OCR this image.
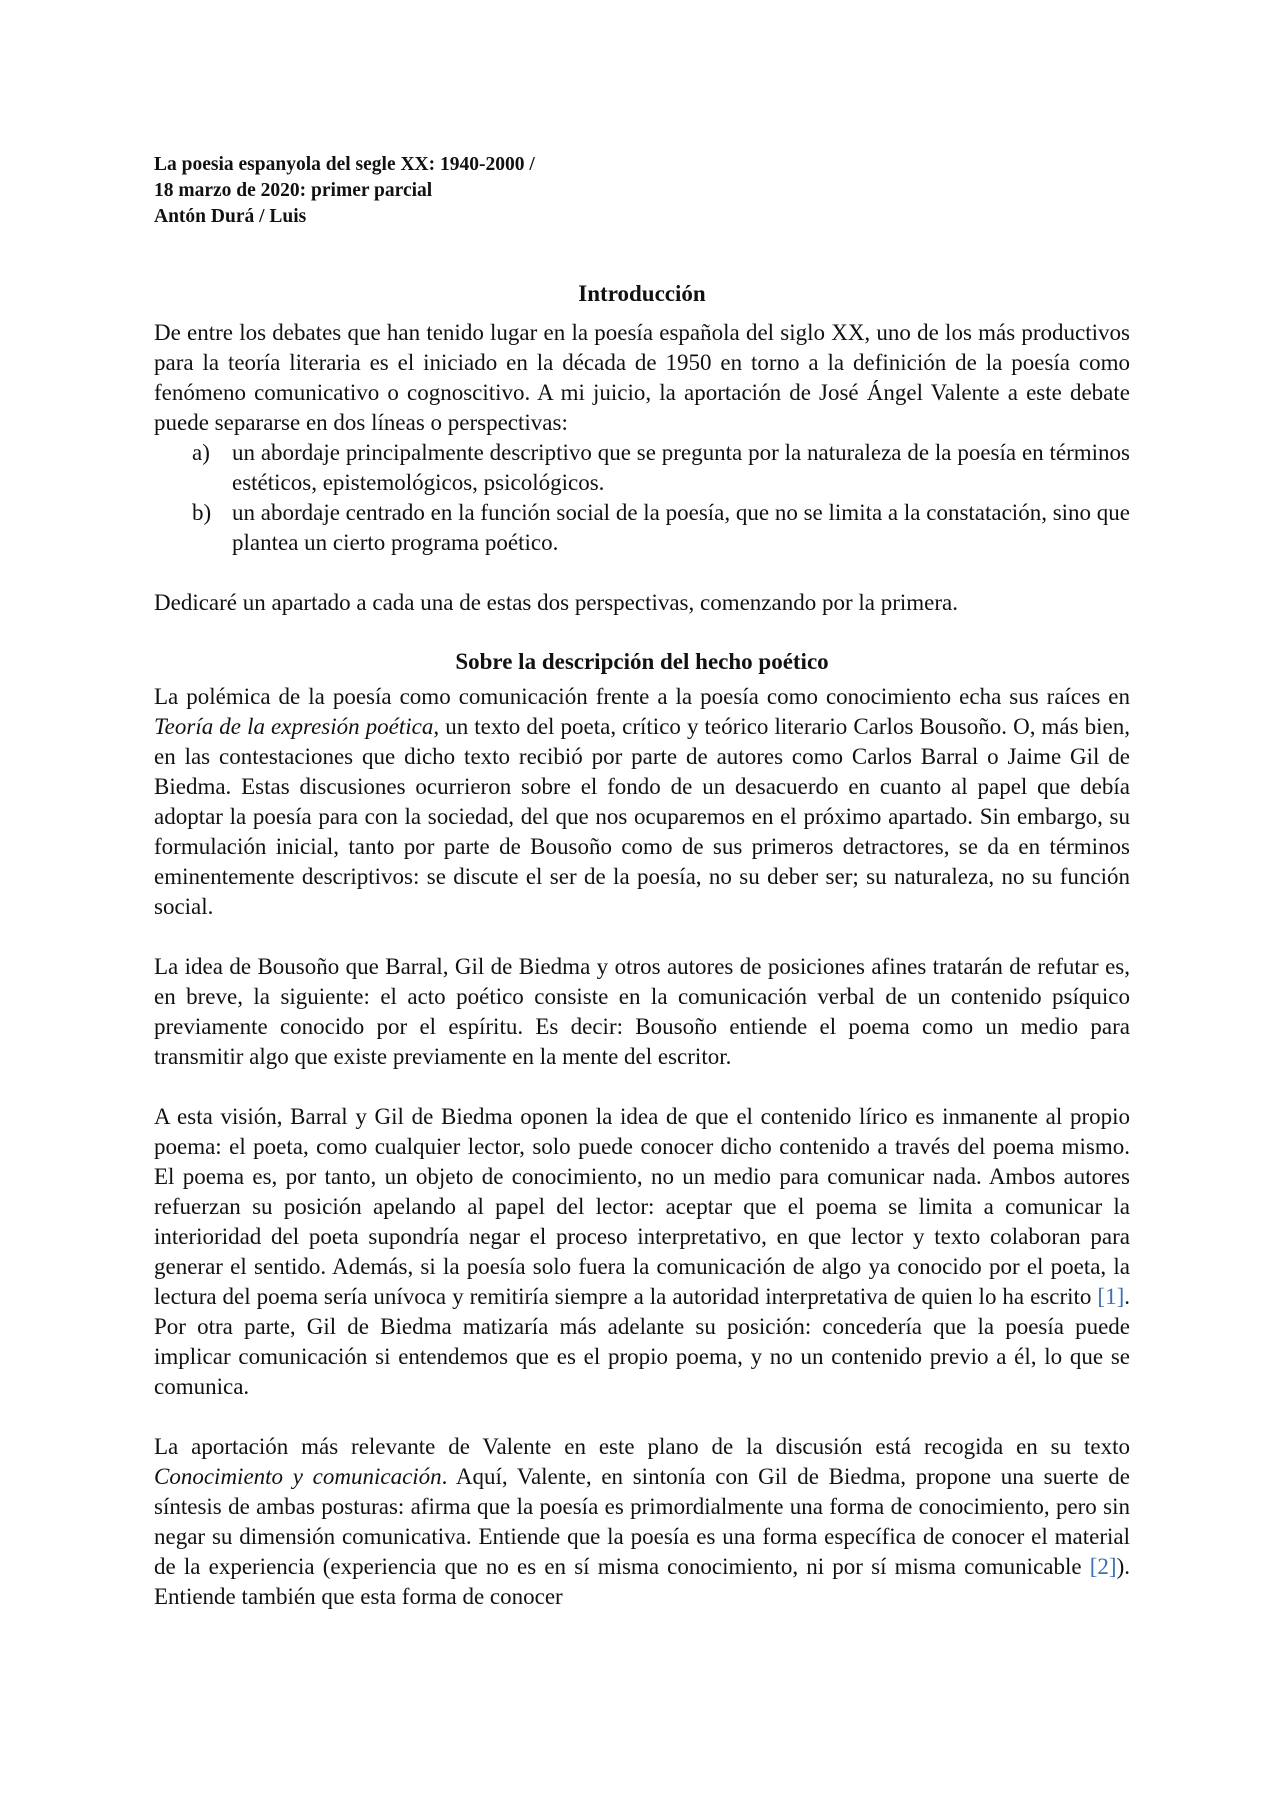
La poesia espanyola del segle XX: 1940-2000 /

18 marzo de 2020: primer parcial

Antón Durá / Luis

Introducción

De entre los debates que han tenido lugar en la poesía española del siglo XX, uno de los más productivos para la teoría literaria es el iniciado en la década de 1950 en torno a la definición de la poesía como fenómeno comunicativo o cognoscitivo. A mi juicio, la aportación de José Ángel Valente a este debate puede separarse en dos líneas o perspectivas:

a) un abordaje principalmente descriptivo que se pregunta por la naturaleza de la poesía en términos estéticos, epistemológicos, psicológicos.
b) un abordaje centrado en la función social de la poesía, que no se limita a la constatación, sino que plantea un cierto programa poético.

Dedicaré un apartado a cada una de estas dos perspectivas, comenzando por la primera.

Sobre la descripción del hecho poético

La polémica de la poesía como comunicación frente a la poesía como conocimiento echa sus raíces en Teoría de la expresión poética, un texto del poeta, crítico y teórico literario Carlos Bousoño. O, más bien, en las contestaciones que dicho texto recibió por parte de autores como Carlos Barral o Jaime Gil de Biedma. Estas discusiones ocurrieron sobre el fondo de un desacuerdo en cuanto al papel que debía adoptar la poesía para con la sociedad, del que nos ocuparemos en el próximo apartado. Sin embargo, su formulación inicial, tanto por parte de Bousoño como de sus primeros detractores, se da en términos eminentemente descriptivos: se discute el ser de la poesía, no su deber ser; su naturaleza, no su función social.

La idea de Bousoño que Barral, Gil de Biedma y otros autores de posiciones afines tratarán de refutar es, en breve, la siguiente: el acto poético consiste en la comunicación verbal de un contenido psíquico previamente conocido por el espíritu. Es decir: Bousoño entiende el poema como un medio para transmitir algo que existe previamente en la mente del escritor.

A esta visión, Barral y Gil de Biedma oponen la idea de que el contenido lírico es inmanente al propio poema: el poeta, como cualquier lector, solo puede conocer dicho contenido a través del poema mismo. El poema es, por tanto, un objeto de conocimiento, no un medio para comunicar nada. Ambos autores refuerzan su posición apelando al papel del lector: aceptar que el poema se limita a comunicar la interioridad del poeta supondría negar el proceso interpretativo, en que lector y texto colaboran para generar el sentido. Además, si la poesía solo fuera la comunicación de algo ya conocido por el poeta, la lectura del poema sería unívoca y remitiría siempre a la autoridad interpretativa de quien lo ha escrito [1]. Por otra parte, Gil de Biedma matizaría más adelante su posición: concedería que la poesía puede implicar comunicación si entendemos que es el propio poema, y no un contenido previo a él, lo que se comunica.

La aportación más relevante de Valente en este plano de la discusión está recogida en su texto Conocimiento y comunicación. Aquí, Valente, en sintonía con Gil de Biedma, propone una suerte de síntesis de ambas posturas: afirma que la poesía es primordialmente una forma de conocimiento, pero sin negar su dimensión comunicativa. Entiende que la poesía es una forma específica de conocer el material de la experiencia (experiencia que no es en sí misma conocimiento, ni por sí misma comunicable [2]). Entiende también que esta forma de conocer
